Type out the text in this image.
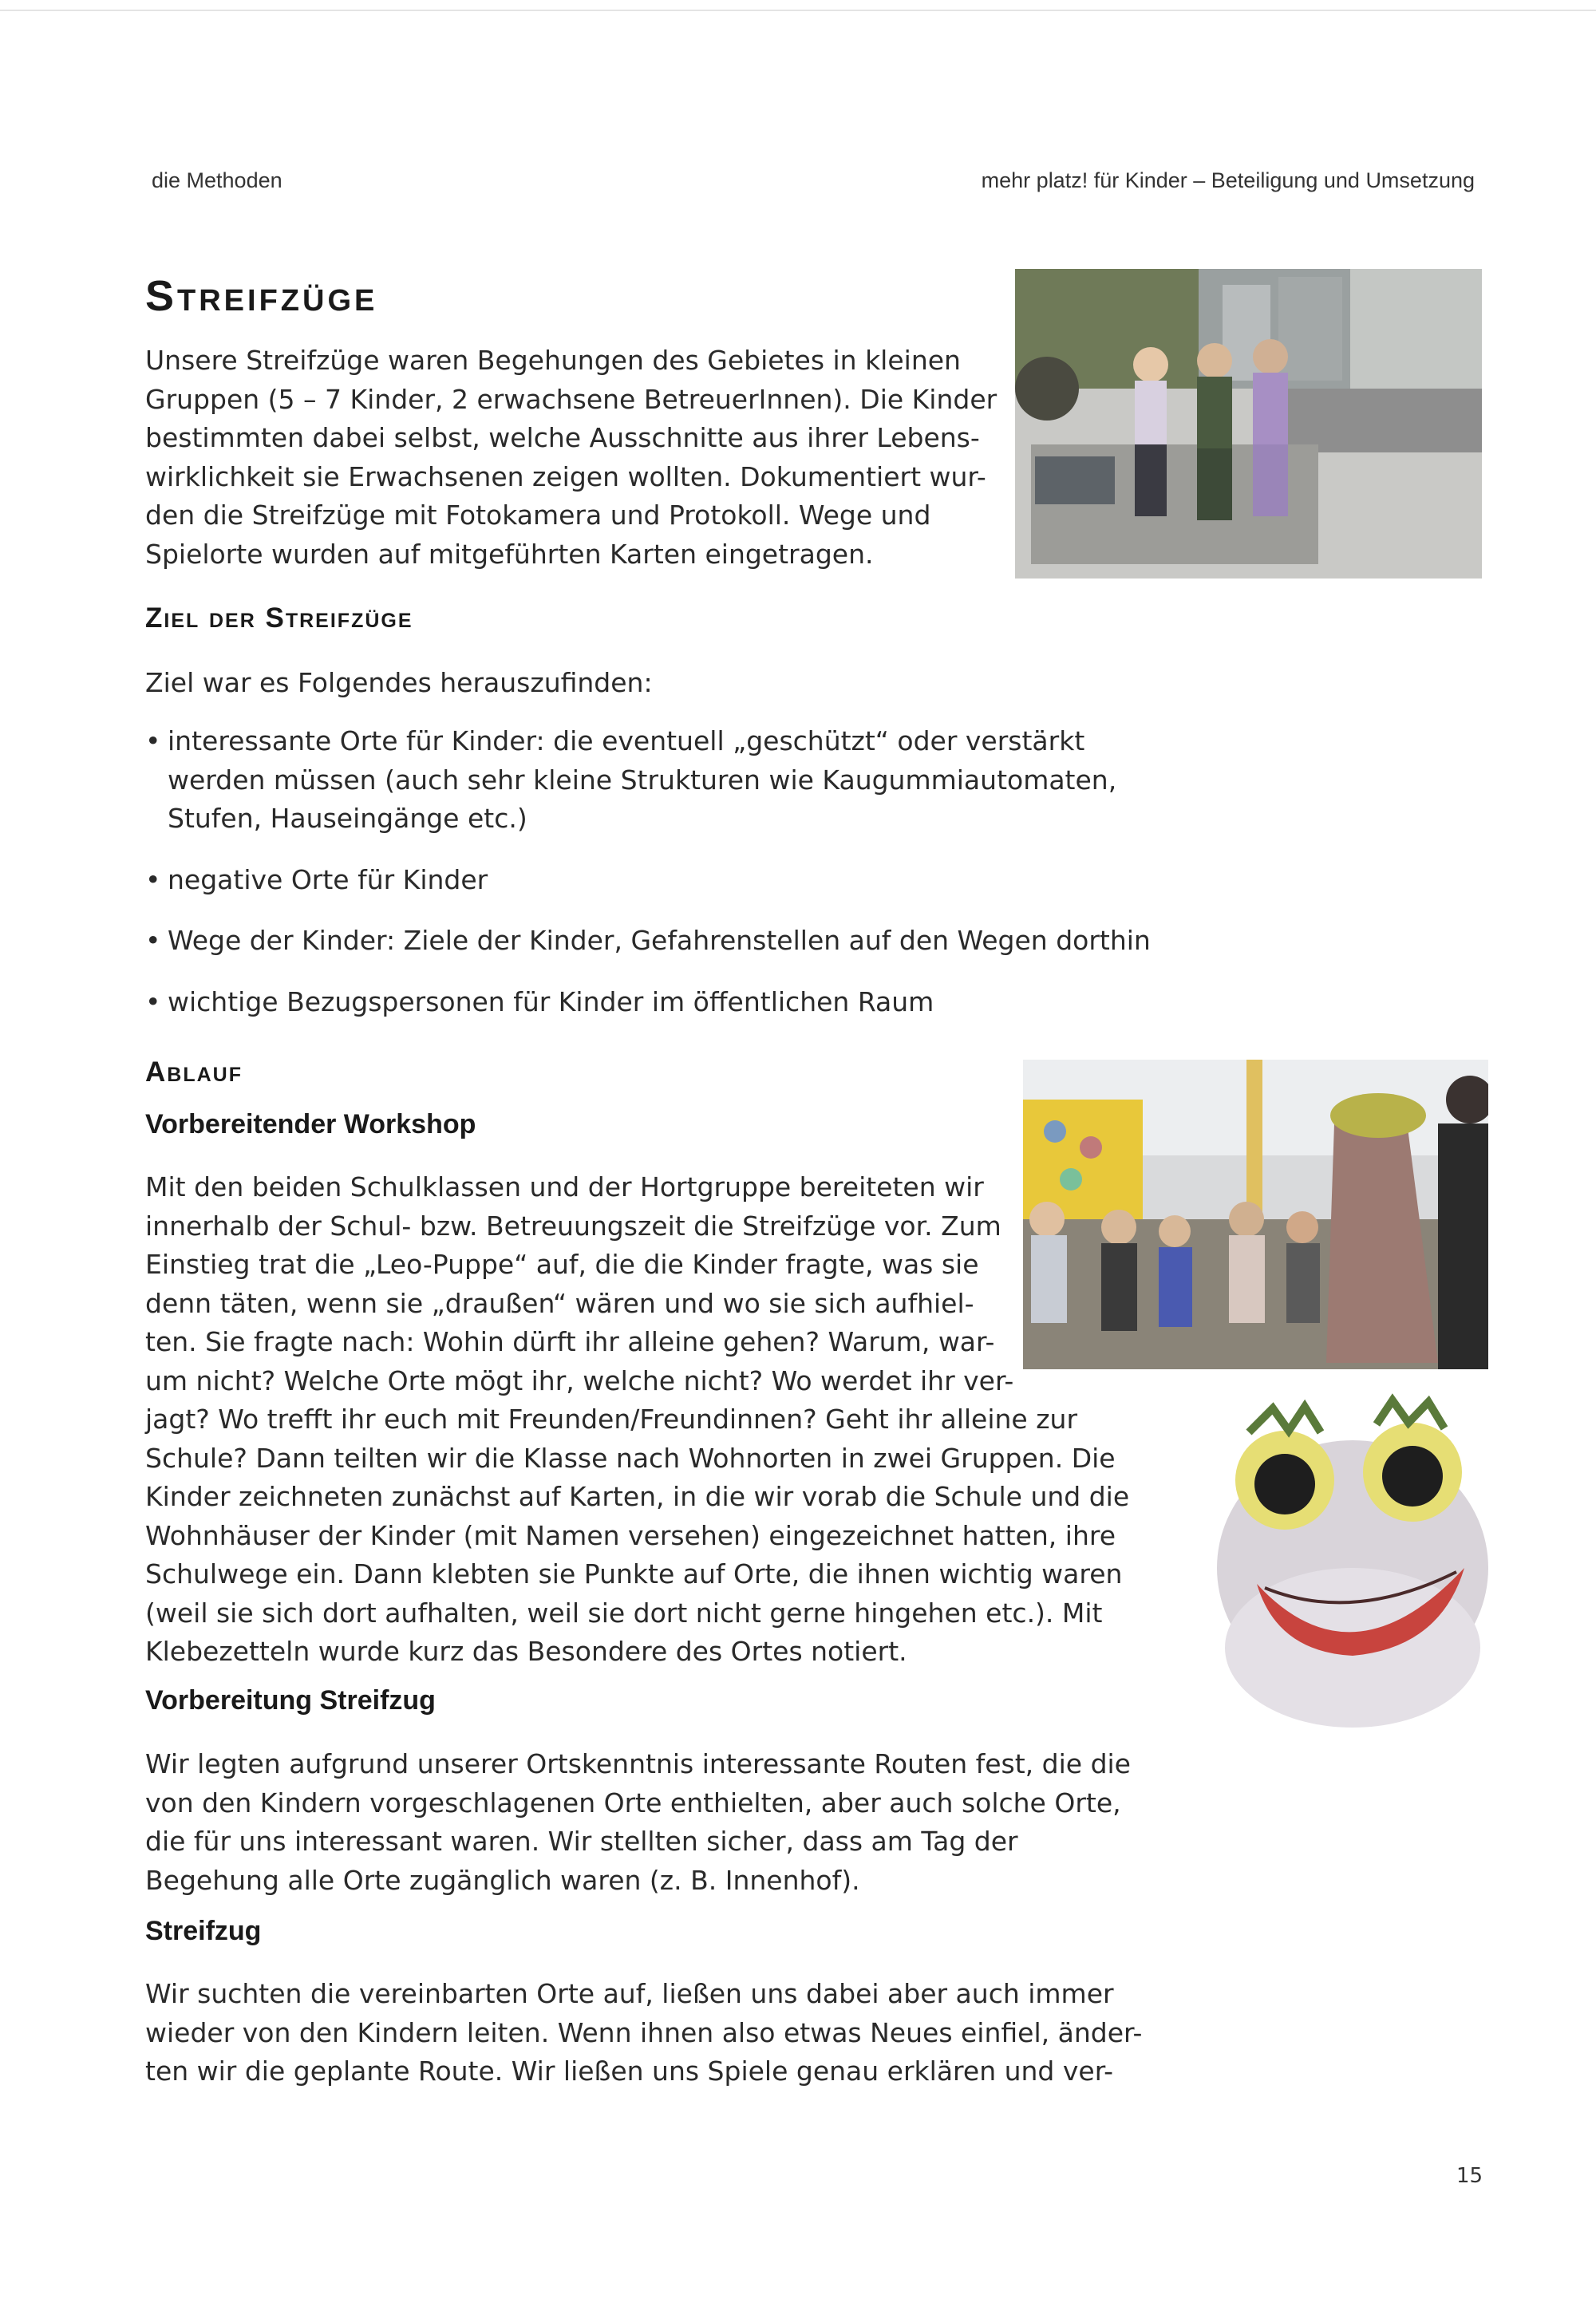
die Methoden	mehr platz! für Kinder – Beteiligung und Umsetzung
Streifzüge
Unsere Streifzüge waren Begehungen des Gebietes in kleinen
Gruppen (5 – 7 Kinder, 2 erwachsene BetreuerInnen). Die Kinder
bestimmten dabei selbst, welche Ausschnitte aus ihrer Lebens-
wirklichkeit sie Erwachsenen zeigen wollten. Dokumentiert wur-
den die Streifzüge mit Fotokamera und Protokoll. Wege und
Spielorte wurden auf mitgeführten Karten eingetragen.
Ziel der Streifzüge

Ziel war es Folgendes herauszufinden:

• interessante Orte für Kinder: die eventuell „geschützt“ oder verstärkt
werden müssen (auch sehr kleine Strukturen wie Kaugummiautomaten,
Stufen, Hauseingänge etc.)
• negative Orte für Kinder
• Wege der Kinder: Ziele der Kinder, Gefahrenstellen auf den Wegen dorthin
• wichtige Bezugspersonen für Kinder im öffentlichen Raum
Ablauf
Vorbereitender Workshop
Mit den beiden Schulklassen und der Hortgruppe bereiteten wir
innerhalb der Schul- bzw. Betreuungszeit die Streifzüge vor. Zum
Einstieg trat die „Leo-Puppe“ auf, die die Kinder fragte, was sie
denn täten, wenn sie „draußen“ wären und wo sie sich aufhiel-
ten. Sie fragte nach: Wohin dürft ihr alleine gehen? Warum, war-
um nicht? Welche Orte mögt ihr, welche nicht? Wo werdet ihr ver-
jagt? Wo trefft ihr euch mit Freunden/Freundinnen? Geht ihr alleine zur
Schule? Dann teilten wir die Klasse nach Wohnorten in zwei Gruppen. Die
Kinder zeichneten zunächst auf Karten, in die wir vorab die Schule und die
Wohnhäuser der Kinder (mit Namen versehen) eingezeichnet hatten, ihre
Schulwege ein. Dann klebten sie Punkte auf Orte, die ihnen wichtig waren
(weil sie sich dort aufhalten, weil sie dort nicht gerne hingehen etc.). Mit
Klebezetteln wurde kurz das Besondere des Ortes notiert.
Vorbereitung Streifzug
Wir legten aufgrund unserer Ortskenntnis interessante Routen fest, die die
von den Kindern vorgeschlagenen Orte enthielten, aber auch solche Orte,
die für uns interessant waren. Wir stellten sicher, dass am Tag der
Begehung alle Orte zugänglich waren (z. B. Innenhof).
Streifzug
Wir suchten die vereinbarten Orte auf, ließen uns dabei aber auch immer
wieder von den Kindern leiten. Wenn ihnen also etwas Neues einfiel, änder-
ten wir die geplante Route. Wir ließen uns Spiele genau erklären und ver-
15
